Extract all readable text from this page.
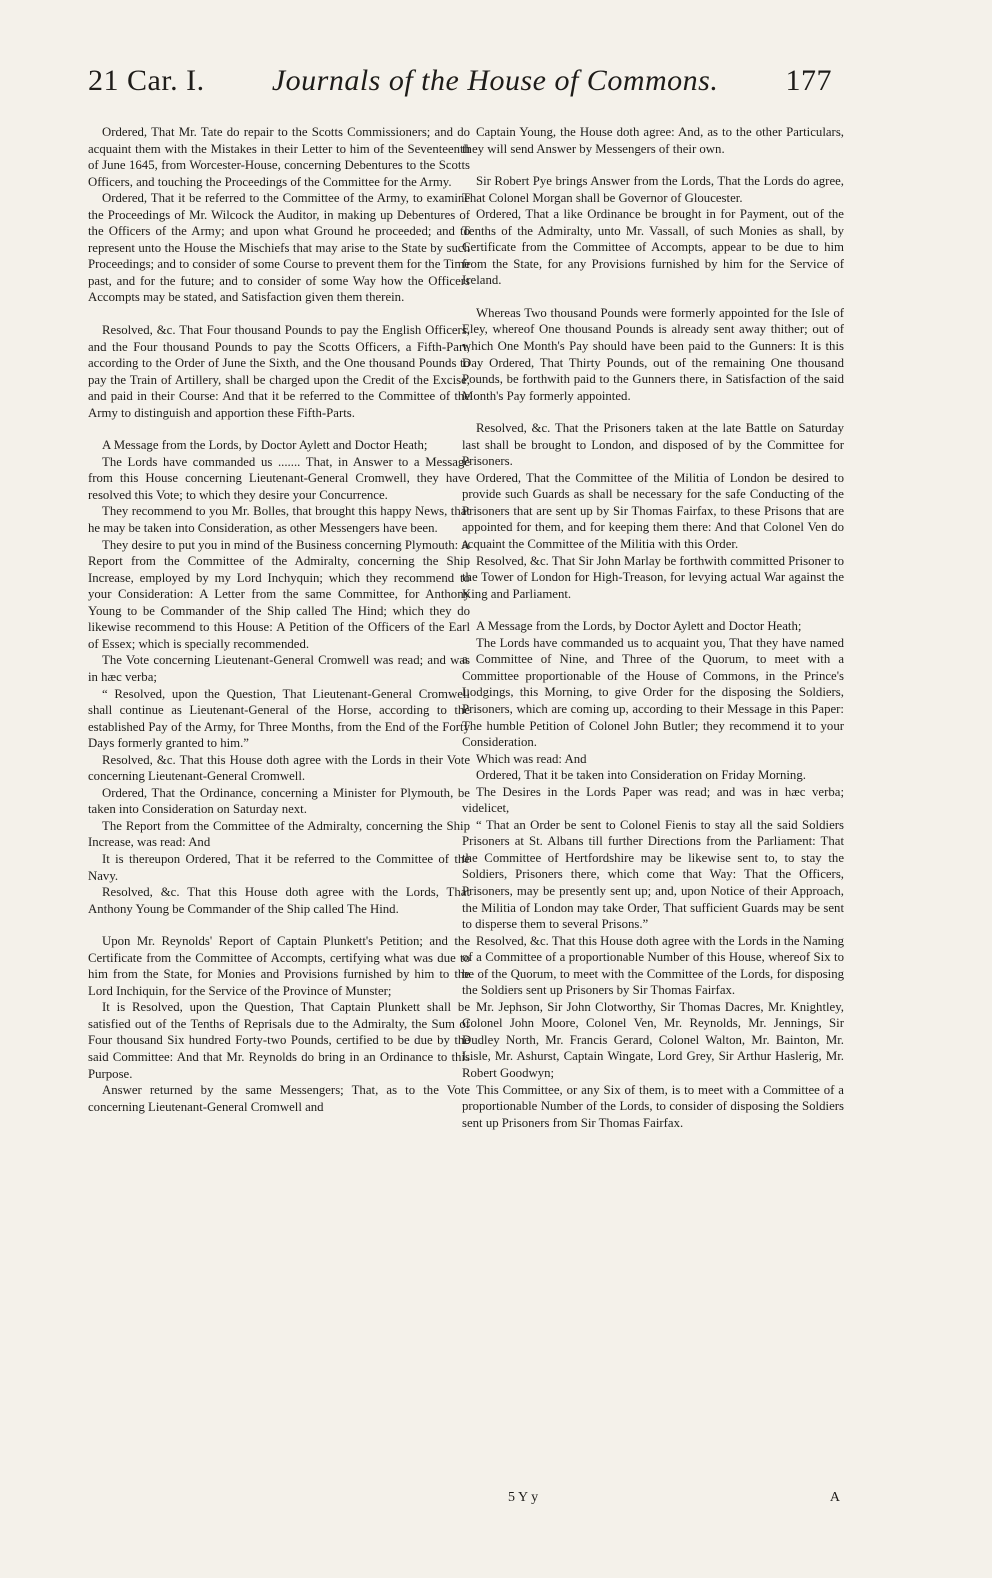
21 Car. I. Journals of the House of Commons. 177

Ordered, That Mr. Tate do repair to the Scotts Commissioners; and do acquaint them with the Mistakes in their Letter to him of the Seventeenth of June 1645, from Worcester-House, concerning Debentures to the Scotts Officers, and touching the Proceedings of the Committee for the Army.

Ordered, That it be referred to the Committee of the Army, to examine the Proceedings of Mr. Wilcock the Auditor, in making up Debentures of the Officers of the Army; and upon what Ground he proceeded; and to represent unto the House the Mischiefs that may arise to the State by such Proceedings; and to consider of some Course to prevent them for the Time past, and for the future; and to consider of some Way how the Officers Accompts may be stated, and Satisfaction given them therein.

Resolved, &c. That Four thousand Pounds to pay the English Officers, and the Four thousand Pounds to pay the Scotts Officers, a Fifth-Part, according to the Order of June the Sixth, and the One thousand Pounds to pay the Train of Artillery, shall be charged upon the Credit of the Excise, and paid in their Course: And that it be referred to the Committee of the Army to distinguish and apportion these Fifth-Parts.

A Message from the Lords, by Doctor Aylett and Doctor Heath;

The Lords have commanded us ....... That, in Answer to a Message from this House concerning Lieutenant-General Cromwell, they have resolved this Vote; to which they desire your Concurrence.

They recommend to you Mr. Bolles, that brought this happy News, that he may be taken into Consideration, as other Messengers have been.

They desire to put you in mind of the Business concerning Plymouth: A Report from the Committee of the Admiralty, concerning the Ship Increase, employed by my Lord Inchyquin; which they recommend to your Consideration: A Letter from the same Committee, for Anthony Young to be Commander of the Ship called The Hind; which they do likewise recommend to this House: A Petition of the Officers of the Earl of Essex; which is specially recommended.

The Vote concerning Lieutenant-General Cromwell was read; and was in hæc verba;

“ Resolved, upon the Question, That Lieutenant-General Cromwell shall continue as Lieutenant-General of the Horse, according to the established Pay of the Army, for Three Months, from the End of the Forty Days formerly granted to him.”

Resolved, &c. That this House doth agree with the Lords in their Vote concerning Lieutenant-General Cromwell.

Ordered, That the Ordinance, concerning a Minister for Plymouth, be taken into Consideration on Saturday next.

The Report from the Committee of the Admiralty, concerning the Ship Increase, was read: And

It is thereupon Ordered, That it be referred to the Committee of the Navy.

Resolved, &c. That this House doth agree with the Lords, That Anthony Young be Commander of the Ship called The Hind.

Upon Mr. Reynolds' Report of Captain Plunkett's Petition; and the Certificate from the Committee of Accompts, certifying what was due to him from the State, for Monies and Provisions furnished by him to the Lord Inchiquin, for the Service of the Province of Munster;

It is Resolved, upon the Question, That Captain Plunkett shall be satisfied out of the Tenths of Reprisals due to the Admiralty, the Sum of Four thousand Six hundred Forty-two Pounds, certified to be due by the said Committee: And that Mr. Reynolds do bring in an Ordinance to this Purpose.

Answer returned by the same Messengers; That, as to the Vote concerning Lieutenant-General Cromwell and

Captain Young, the House doth agree: And, as to the other Particulars, they will send Answer by Messengers of their own.

Sir Robert Pye brings Answer from the Lords, That the Lords do agree, That Colonel Morgan shall be Governor of Gloucester.

Ordered, That a like Ordinance be brought in for Payment, out of the Tenths of the Admiralty, unto Mr. Vassall, of such Monies as shall, by Certificate from the Committee of Accompts, appear to be due to him from the State, for any Provisions furnished by him for the Service of Ireland.

Whereas Two thousand Pounds were formerly appointed for the Isle of Eley, whereof One thousand Pounds is already sent away thither; out of which One Month's Pay should have been paid to the Gunners: It is this Day Ordered, That Thirty Pounds, out of the remaining One thousand Pounds, be forthwith paid to the Gunners there, in Satisfaction of the said Month's Pay formerly appointed.

Resolved, &c. That the Prisoners taken at the late Battle on Saturday last shall be brought to London, and disposed of by the Committee for Prisoners.

Ordered, That the Committee of the Militia of London be desired to provide such Guards as shall be necessary for the safe Conducting of the Prisoners that are sent up by Sir Thomas Fairfax, to these Prisons that are appointed for them, and for keeping them there: And that Colonel Ven do acquaint the Committee of the Militia with this Order.

Resolved, &c. That Sir John Marlay be forthwith committed Prisoner to the Tower of London for High-Treason, for levying actual War against the King and Parliament.

A Message from the Lords, by Doctor Aylett and Doctor Heath;

The Lords have commanded us to acquaint you, That they have named a Committee of Nine, and Three of the Quorum, to meet with a Committee proportionable of the House of Commons, in the Prince's Lodgings, this Morning, to give Order for the disposing the Soldiers, Prisoners, which are coming up, according to their Message in this Paper: The humble Petition of Colonel John Butler; they recommend it to your Consideration.

Which was read: And

Ordered, That it be taken into Consideration on Friday Morning.

The Desires in the Lords Paper was read; and was in hæc verba; videlicet,

“ That an Order be sent to Colonel Fienis to stay all the said Soldiers Prisoners at St. Albans till further Directions from the Parliament: That the Committee of Hertfordshire may be likewise sent to, to stay the Soldiers, Prisoners there, which come that Way: That the Officers, Prisoners, may be presently sent up; and, upon Notice of their Approach, the Militia of London may take Order, That sufficient Guards may be sent to disperse them to several Prisons.”

Resolved, &c. That this House doth agree with the Lords in the Naming of a Committee of a proportionable Number of this House, whereof Six to be of the Quorum, to meet with the Committee of the Lords, for disposing the Soldiers sent up Prisoners by Sir Thomas Fairfax.

Mr. Jephson, Sir John Clotworthy, Sir Thomas Dacres, Mr. Knightley, Colonel John Moore, Colonel Ven, Mr. Reynolds, Mr. Jennings, Sir Dudley North, Mr. Francis Gerard, Colonel Walton, Mr. Bainton, Mr. Lisle, Mr. Ashurst, Captain Wingate, Lord Grey, Sir Arthur Haslerig, Mr. Robert Goodwyn;

This Committee, or any Six of them, is to meet with a Committee of a proportionable Number of the Lords, to consider of disposing the Soldiers sent up Prisoners from Sir Thomas Fairfax.

5 Y y	A
